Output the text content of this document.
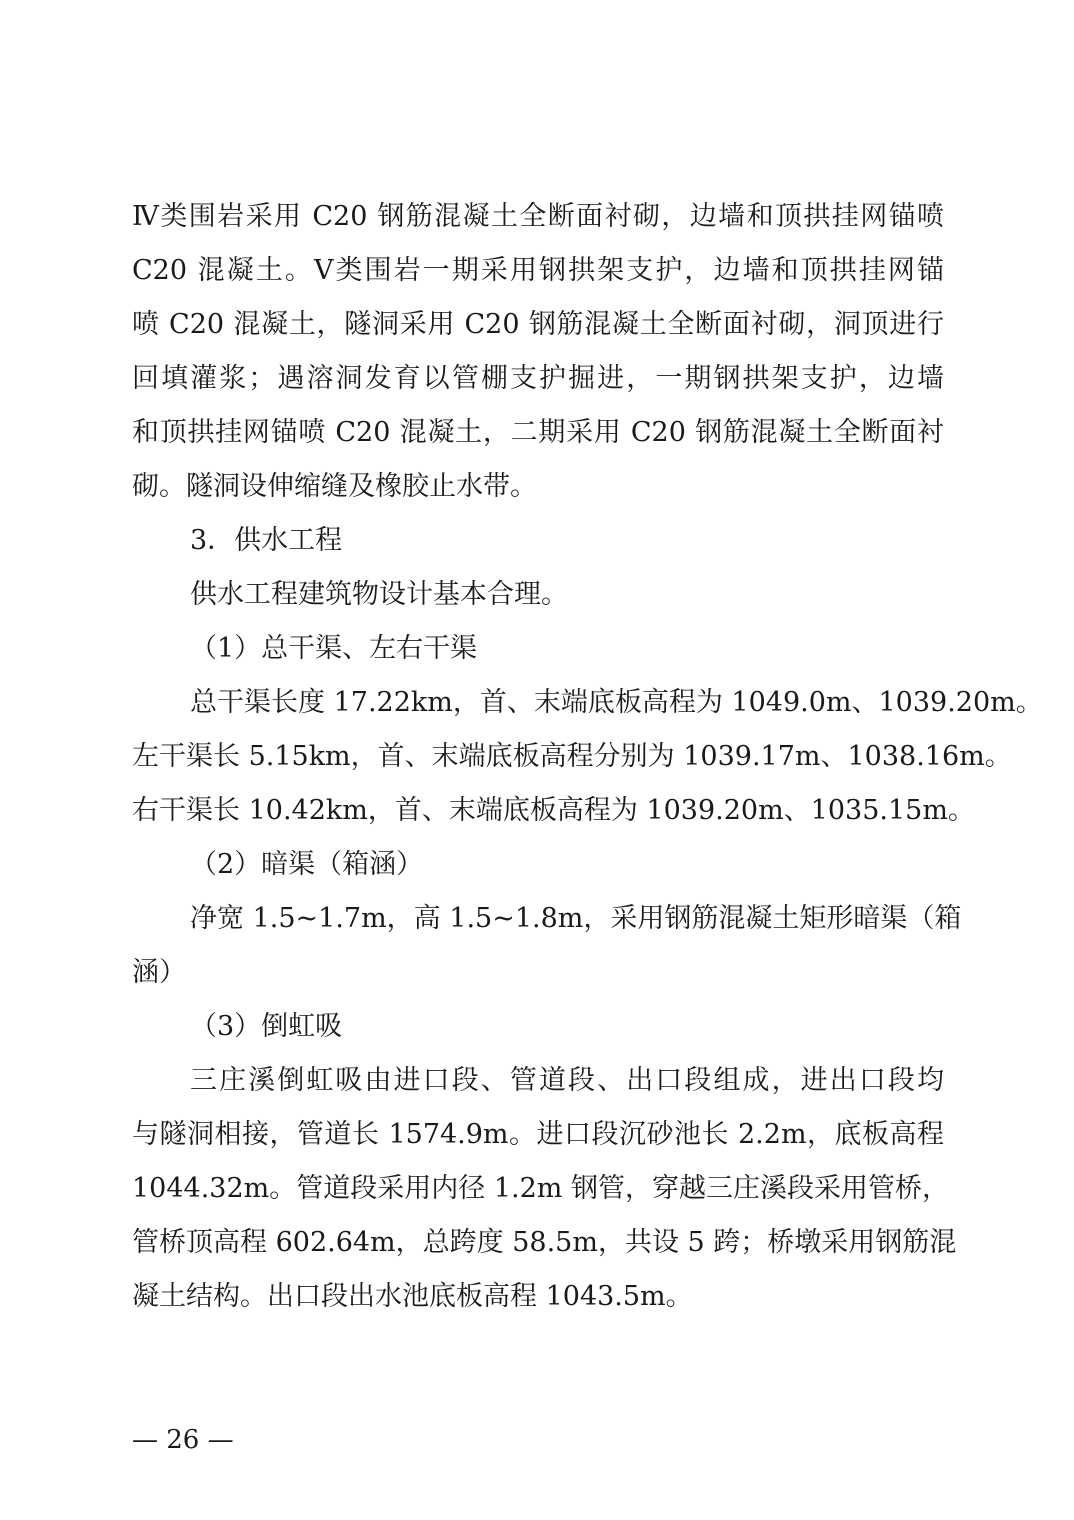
Ⅳ类围岩采用 C20 钢筋混凝土全断面衬砌，边墙和顶拱挂网锚喷
C20 混凝土。Ⅴ类围岩一期采用钢拱架支护，边墙和顶拱挂网锚
喷 C20 混凝土，隧洞采用 C20 钢筋混凝土全断面衬砌，洞顶进行
回填灌浆；遇溶洞发育以管棚支护掘进，一期钢拱架支护，边墙
和顶拱挂网锚喷 C20 混凝土，二期采用 C20 钢筋混凝土全断面衬
砌。隧洞设伸缩缝及橡胶止水带。
3．供水工程
供水工程建筑物设计基本合理。
（1）总干渠、左右干渠
总干渠长度 17.22km，首、末端底板高程为 1049.0m、1039.20m。
左干渠长 5.15km，首、末端底板高程分别为 1039.17m、1038.16m。
右干渠长 10.42km，首、末端底板高程为 1039.20m、1035.15m。
（2）暗渠（箱涵）
净宽 1.5~1.7m，高 1.5~1.8m，采用钢筋混凝土矩形暗渠（箱
涵）
（3）倒虹吸
三庄溪倒虹吸由进口段、管道段、出口段组成，进出口段均
与隧洞相接，管道长 1574.9m。进口段沉砂池长 2.2m，底板高程
1044.32m。管道段采用内径 1.2m 钢管，穿越三庄溪段采用管桥，
管桥顶高程 602.64m，总跨度 58.5m，共设 5 跨；桥墩采用钢筋混
凝土结构。出口段出水池底板高程 1043.5m。
— 26 —
